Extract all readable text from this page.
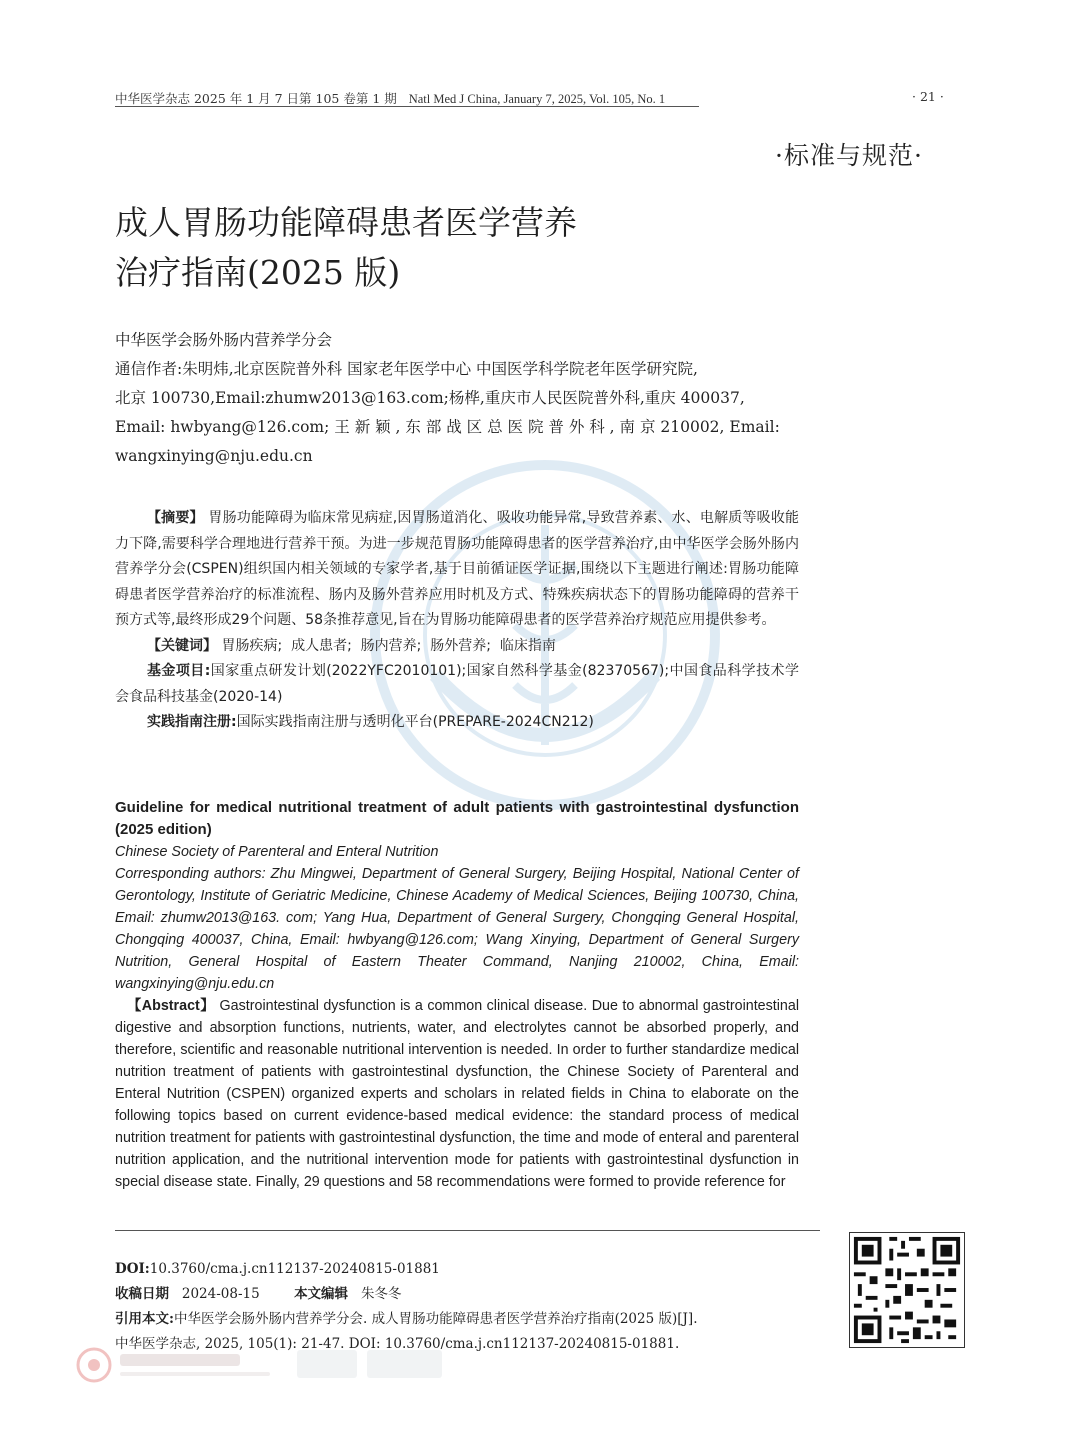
中华医学杂志 2025 年 1 月 7 日第 105 卷第 1 期 Natl Med J China, January 7, 2025, Vol. 105, No. 1	· 21 ·
·标准与规范·
成人胃肠功能障碍患者医学营养
治疗指南(2025 版)
中华医学会肠外肠内营养学分会
通信作者:朱明炜,北京医院普外科 国家老年医学中心 中国医学科学院老年医学研究院,
北京 100730,Email:zhumw2013@163.com;杨桦,重庆市人民医院普外科,重庆 400037,
Email: hwbyang@126.com; 王 新 颖 , 东 部 战 区 总 医 院 普 外 科 , 南 京 210002, Email:
wangxinying@nju.edu.cn

【摘要】 胃肠功能障碍为临床常见病症,因胃肠道消化、吸收功能异常,导致营养素、水、电解质等吸收能力下降,需要科学合理地进行营养干预。为进一步规范胃肠功能障碍患者的医学营养治疗,由中华医学会肠外肠内营养学分会(CSPEN)组织国内相关领域的专家学者,基于目前循证医学证据,围绕以下主题进行阐述:胃肠功能障碍患者医学营养治疗的标准流程、肠内及肠外营养应用时机及方式、特殊疾病状态下的胃肠功能障碍的营养干预方式等,最终形成29个问题、58条推荐意见,旨在为胃肠功能障碍患者的医学营养治疗规范应用提供参考。

【关键词】 胃肠疾病;  成人患者;  肠内营养;  肠外营养;  临床指南

基金项目:国家重点研发计划(2022YFC2010101);国家自然科学基金(82370567);中国食品科学技术学会食品科技基金(2020-14)

实践指南注册:国际实践指南注册与透明化平台(PREPARE-2024CN212)

Guideline for medical nutritional treatment of adult patients with gastrointestinal dysfunction (2025 edition)
Chinese Society of Parenteral and Enteral Nutrition
Corresponding authors: Zhu Mingwei, Department of General Surgery, Beijing Hospital, National Center of Gerontology, Institute of Geriatric Medicine, Chinese Academy of Medical Sciences, Beijing 100730, China, Email: zhumw2013@163. com; Yang Hua, Department of General Surgery, Chongqing General Hospital, Chongqing 400037, China, Email: hwbyang@126.com; Wang Xinying, Department of General Surgery Nutrition, General Hospital of Eastern Theater Command, Nanjing 210002, China, Email: wangxinying@nju.edu.cn
【Abstract】 Gastrointestinal dysfunction is a common clinical disease. Due to abnormal gastrointestinal digestive and absorption functions, nutrients, water, and electrolytes cannot be absorbed properly, and therefore, scientific and reasonable nutritional intervention is needed. In order to further standardize medical nutrition treatment of patients with gastrointestinal dysfunction, the Chinese Society of Parenteral and Enteral Nutrition (CSPEN) organized experts and scholars in related fields in China to elaborate on the following topics based on current evidence-based medical evidence: the standard process of medical nutrition treatment for patients with gastrointestinal dysfunction, the time and mode of enteral and parenteral nutrition application, and the nutritional intervention mode for patients with gastrointestinal dysfunction in special disease state. Finally, 29 questions and 58 recommendations were formed to provide reference for
DOI:10.3760/cma.j.cn112137-20240815-01881
收稿日期 2024-08-15	本文编辑 朱冬冬
引用本文:中华医学会肠外肠内营养学分会. 成人胃肠功能障碍患者医学营养治疗指南(2025 版)[J].
中华医学杂志, 2025, 105(1): 21-47. DOI: 10.3760/cma.j.cn112137-20240815-01881.
